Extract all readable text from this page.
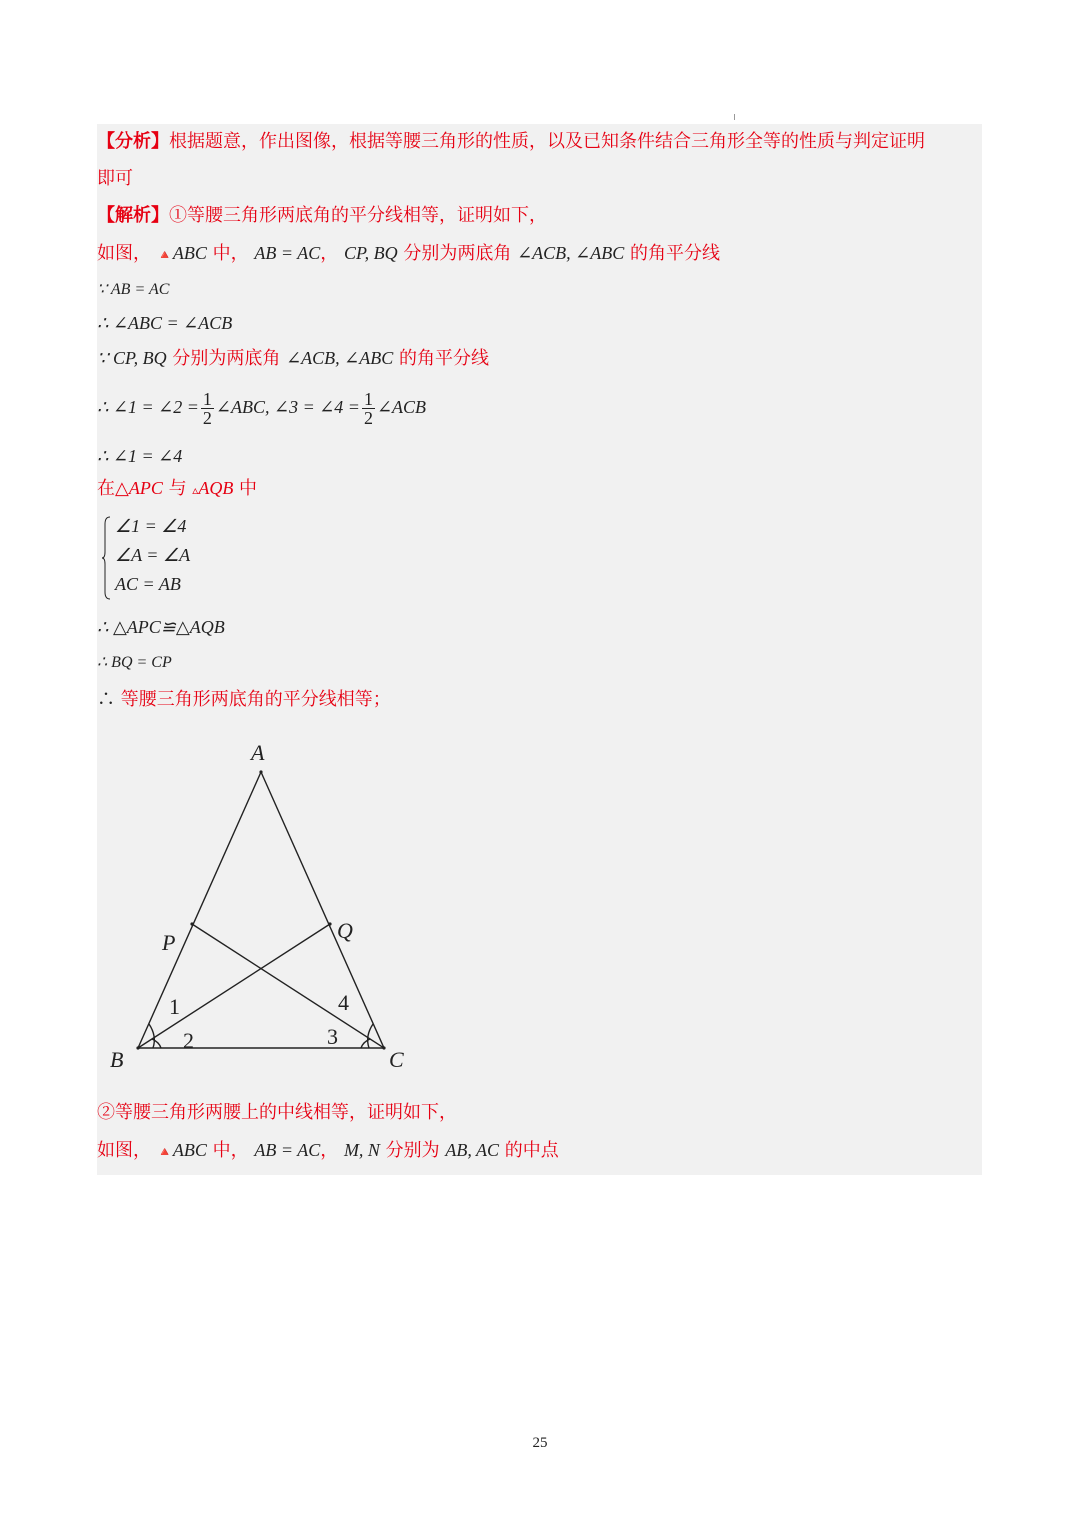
【分析】根据题意，作出图像，根据等腰三角形的性质，以及已知条件结合三角形全等的性质与判定证明
即可
【解析】①等腰三角形两底角的平分线相等，证明如下，
如图， 🔺ABC 中， AB = AC， CP, BQ 分别为两底角 ∠ACB, ∠ABC 的角平分线
∵ AB = AC
∴ ∠ABC = ∠ACB
∵ CP, BQ 分别为两底角 ∠ACB, ∠ABC 的角平分线
∴ ∠1 = ∠2 = $\frac{1}{2}$ ∠ABC, ∠3 = ∠4 = $\frac{1}{2}$ ∠ACB
∴ ∠1 = ∠4
在△APC 与 ▵AQB 中
∠1 = ∠4
∠A = ∠A
AC = AB
∴ △APC≌△AQB
∴ BQ = CP
∴ 等腰三角形两底角的平分线相等；
A
B	C
P	Q
1
2	3
4
②等腰三角形两腰上的中线相等，证明如下，
如图， 🔺ABC 中， AB = AC， M, N 分别为 AB, AC 的中点
25
